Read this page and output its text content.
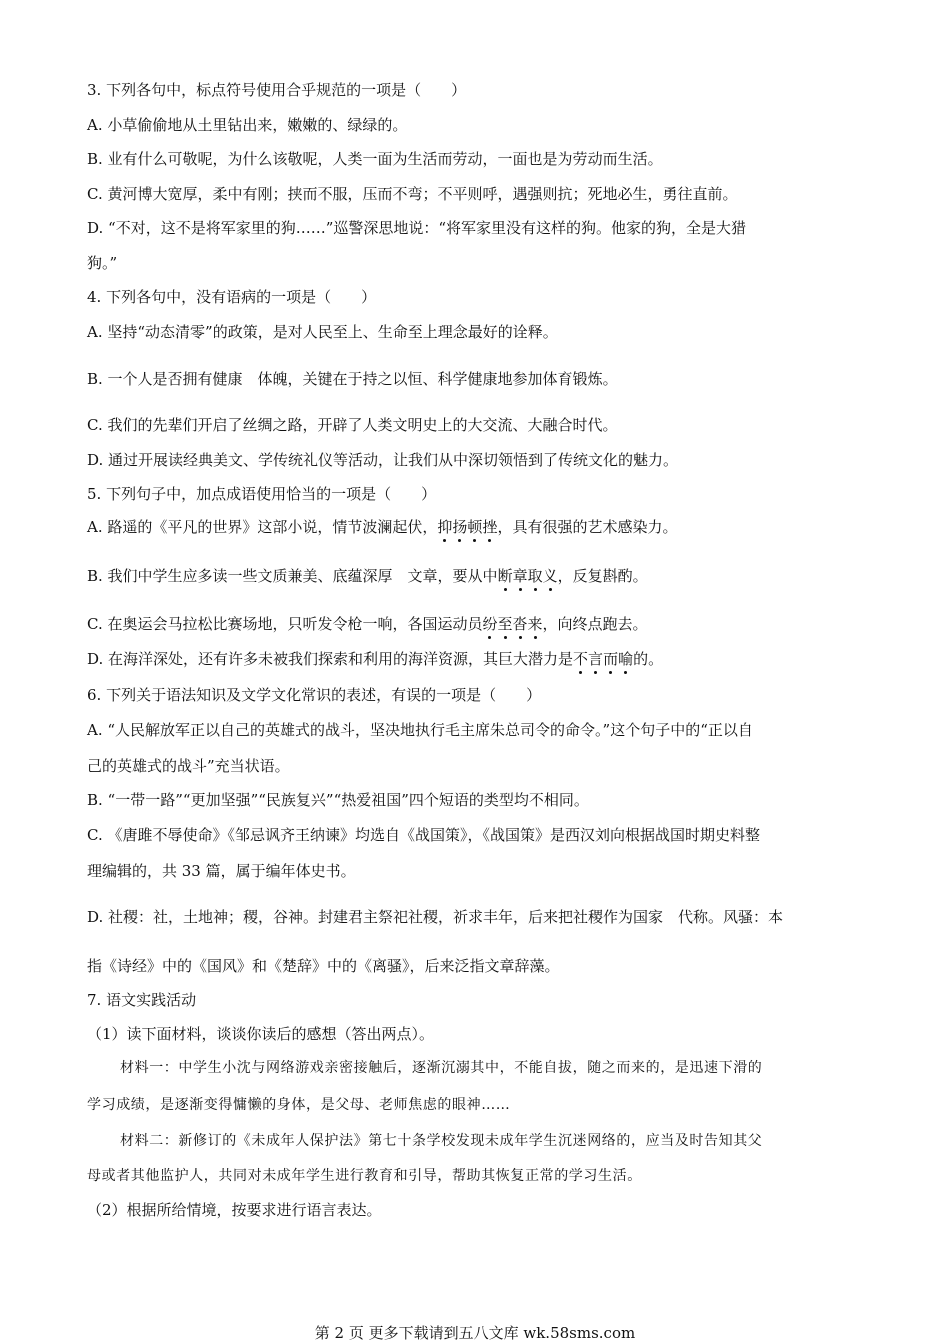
3. 下列各句中，标点符号使用合乎规范的一项是（　　）
A. 小草偷偷地从土里钻出来，嫩嫩的、绿绿的。
B. 业有什么可敬呢，为什么该敬呢，人类一面为生活而劳动，一面也是为劳动而生活。
C. 黄河博大宽厚，柔中有刚；挟而不服，压而不弯；不平则呼，遇强则抗；死地必生，勇往直前。
D. “不对，这不是将军家里的狗……”巡警深思地说：“将军家里没有这样的狗。他家的狗，全是大猎
狗。”
4. 下列各句中，没有语病的一项是（　　）
A. 坚持“动态清零”的政策，是对人民至上、生命至上理念最好的诠释。
B. 一个人是否拥有健康　体魄，关键在于持之以恒、科学健康地参加体育锻炼。
C. 我们的先辈们开启了丝绸之路，开辟了人类文明史上的大交流、大融合时代。
D. 通过开展读经典美文、学传统礼仪等活动，让我们从中深切领悟到了传统文化的魅力。
5. 下列句子中，加点成语使用恰当的一项是（　　）
A. 路遥的《平凡的世界》这部小说，情节波澜起伏，抑扬顿挫，具有很强的艺术感染力。
B. 我们中学生应多读一些文质兼美、底蕴深厚　文章，要从中断章取义，反复斟酌。
C. 在奥运会马拉松比赛场地，只听发令枪一响，各国运动员纷至沓来，向终点跑去。
D. 在海洋深处，还有许多未被我们探索和利用的海洋资源，其巨大潜力是不言而喻的。
6. 下列关于语法知识及文学文化常识的表述，有误的一项是（　　）
A. “人民解放军正以自己的英雄式的战斗，坚决地执行毛主席朱总司令的命令。”这个句子中的“正以自
己的英雄式的战斗”充当状语。
B. “一带一路”“更加坚强”“民族复兴”“热爱祖国”四个短语的类型均不相同。
C. 《唐雎不辱使命》《邹忌讽齐王纳谏》均选自《战国策》，《战国策》是西汉刘向根据战国时期史料整
理编辑的，共 33 篇，属于编年体史书。
D. 社稷：社，土地神；稷，谷神。封建君主祭祀社稷，祈求丰年，后来把社稷作为国家　代称。风骚：本
指《诗经》中的《国风》和《楚辞》中的《离骚》，后来泛指文章辞藻。
7. 语文实践活动
（1）读下面材料，谈谈你读后的感想（答出两点）。
材料一：中学生小沈与网络游戏亲密接触后，逐渐沉溺其中，不能自拔，随之而来的，是迅速下滑的
学习成绩，是逐渐变得慵懒的身体，是父母、老师焦虑的眼神……
材料二：新修订的《未成年人保护法》第七十条学校发现未成年学生沉迷网络的，应当及时告知其父
母或者其他监护人，共同对未成年学生进行教育和引导，帮助其恢复正常的学习生活。
（2）根据所给情境，按要求进行语言表达。
第 2 页 更多下载请到五八文库 wk.58sms.com
